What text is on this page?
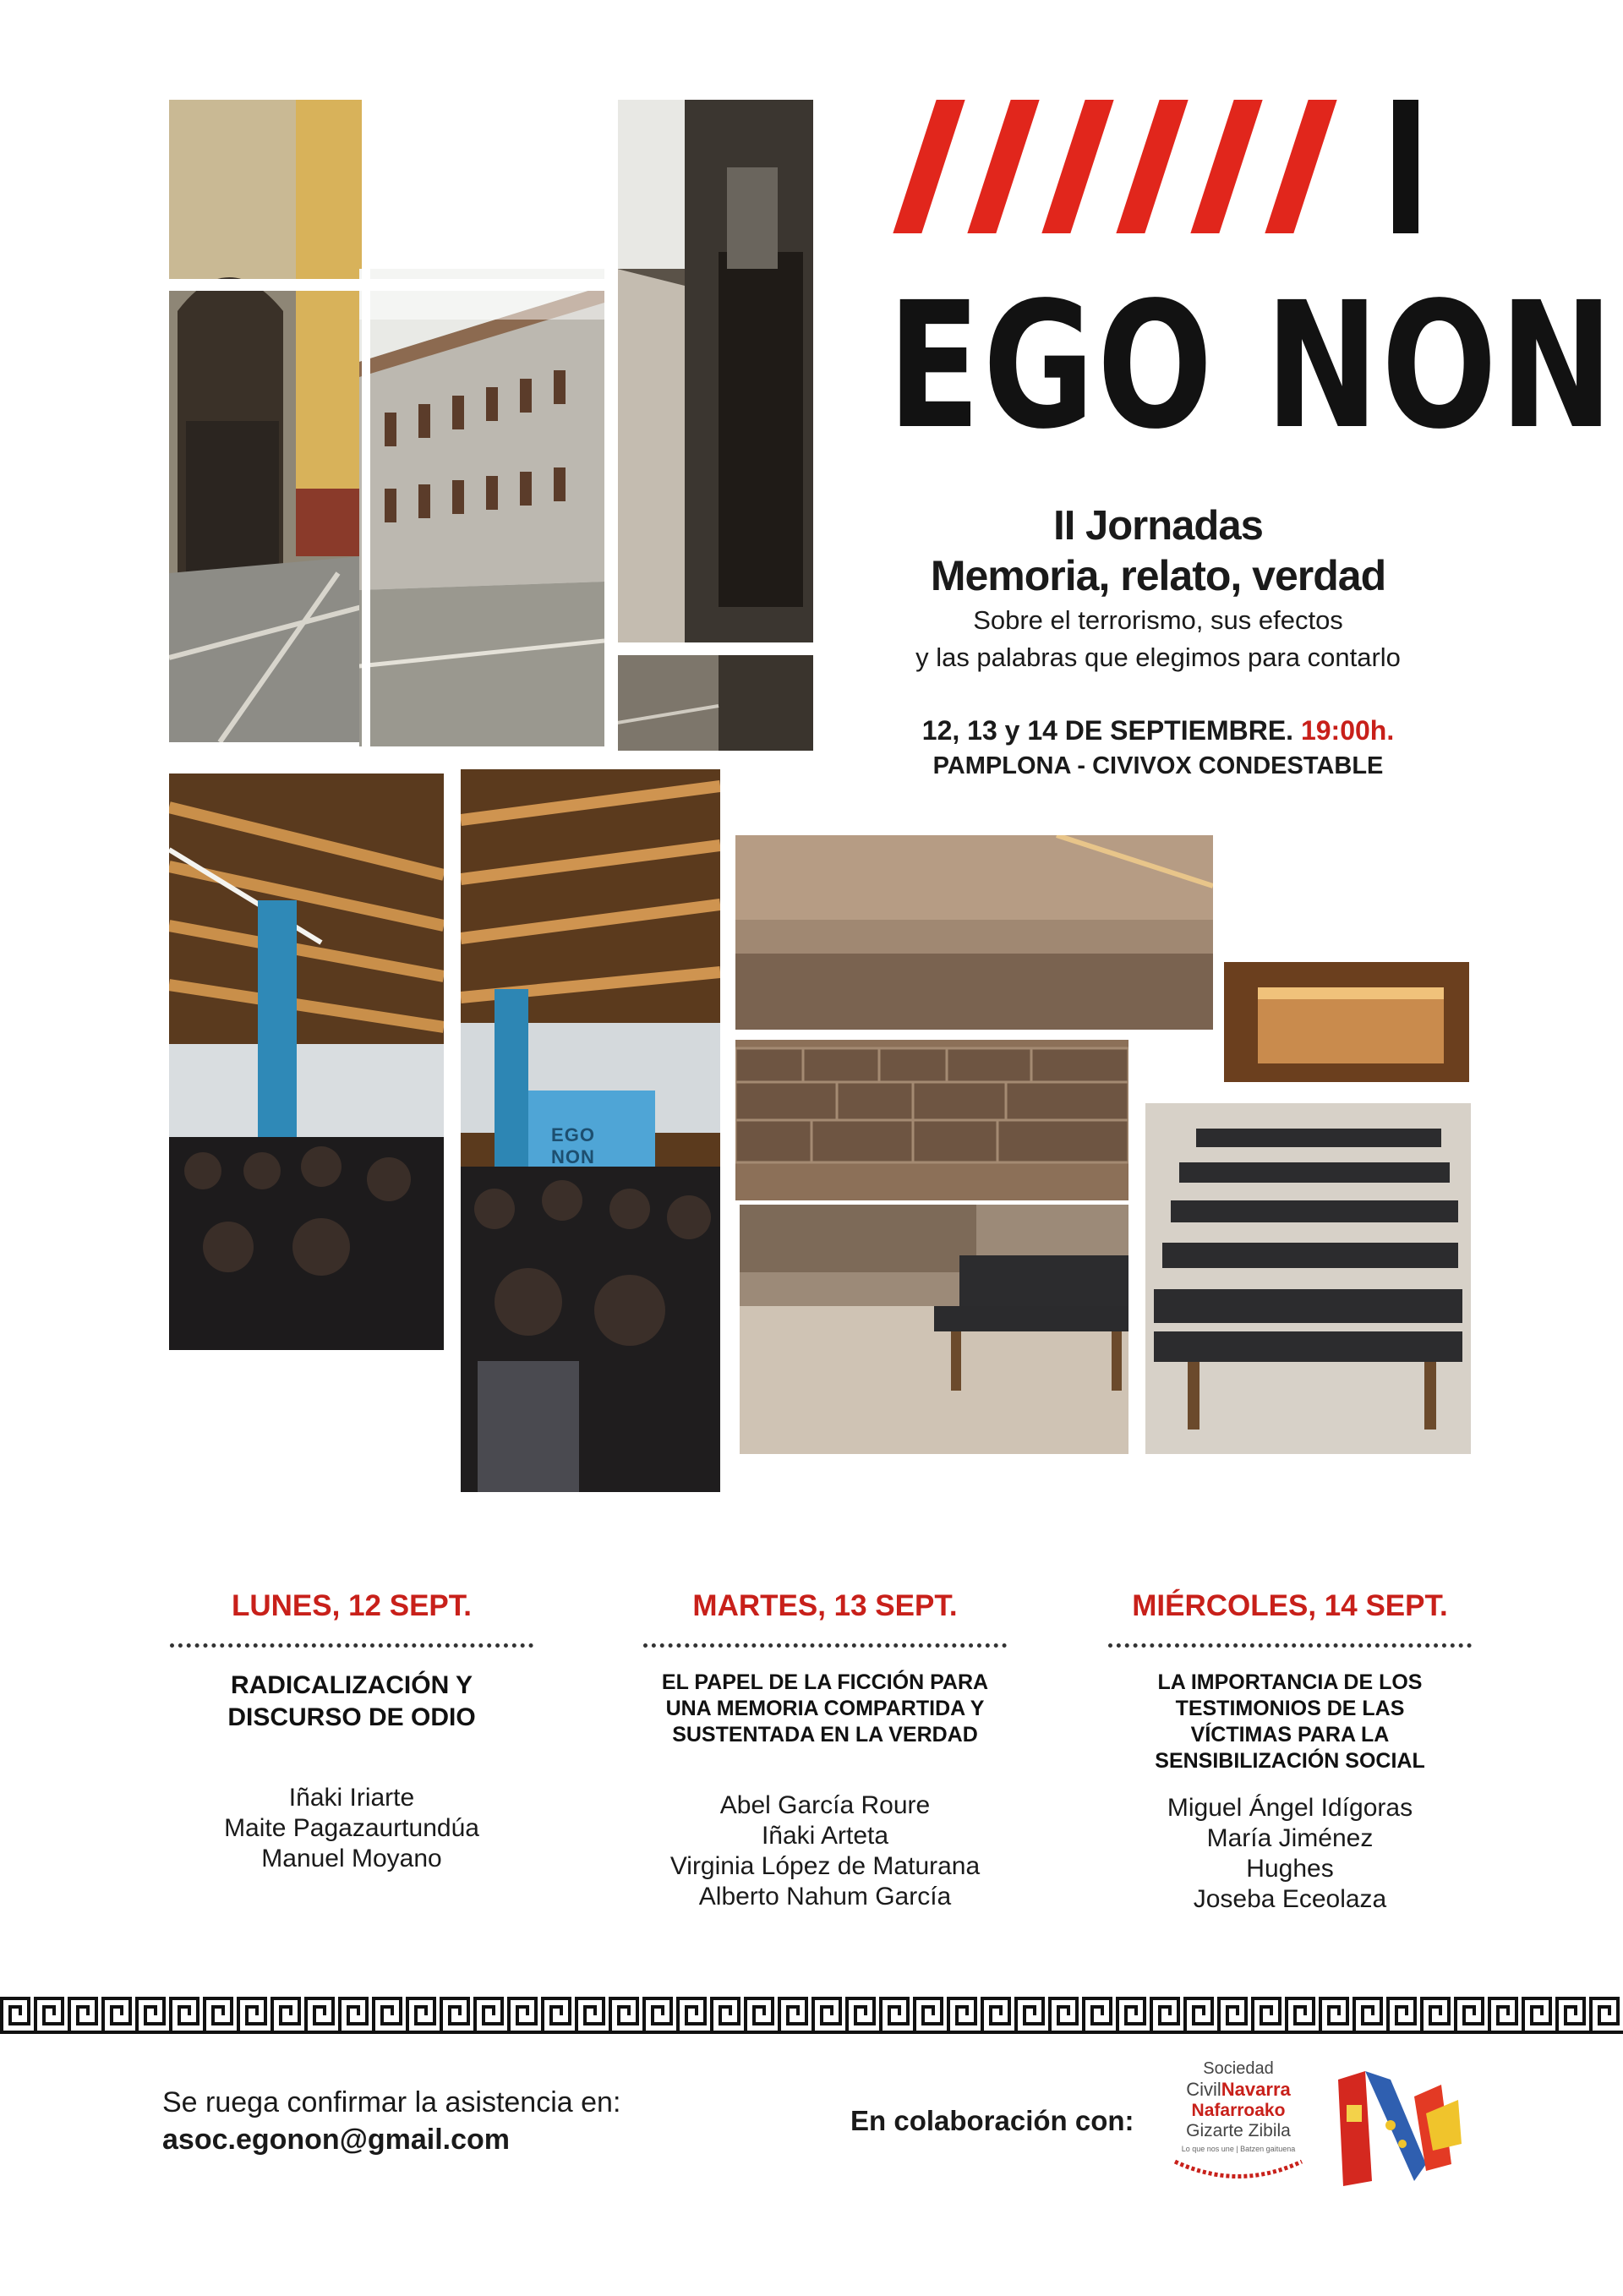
EGO NON
EGO NON
II Jornadas
Memoria, relato, verdad
Sobre el terrorismo, sus efectos
y las palabras que elegimos para contarlo
12, 13 y 14 DE SEPTIEMBRE. 19:00h.
PAMPLONA - CIVIVOX CONDESTABLE
LUNES, 12 SEPT.
RADICALIZACIÓN Y
DISCURSO DE ODIO
Iñaki Iriarte
Maite Pagazaurtundúa
Manuel Moyano
MARTES, 13 SEPT.
EL PAPEL DE LA FICCIÓN PARA
UNA MEMORIA COMPARTIDA Y
SUSTENTADA EN LA VERDAD
Abel García Roure
Iñaki Arteta
Virginia López de Maturana
Alberto Nahum García
MIÉRCOLES, 14 SEPT.
LA IMPORTANCIA DE LOS
TESTIMONIOS DE LAS
VÍCTIMAS PARA LA
SENSIBILIZACIÓN SOCIAL
Miguel Ángel Idígoras
María Jiménez
Hughes
Joseba Eceolaza
Se ruega confirmar la asistencia en:
asoc.egonon@gmail.com
En colaboración con:
Sociedad
CivilNavarra
Nafarroako
Gizarte Zibila
Lo que nos une | Batzen gaituena
